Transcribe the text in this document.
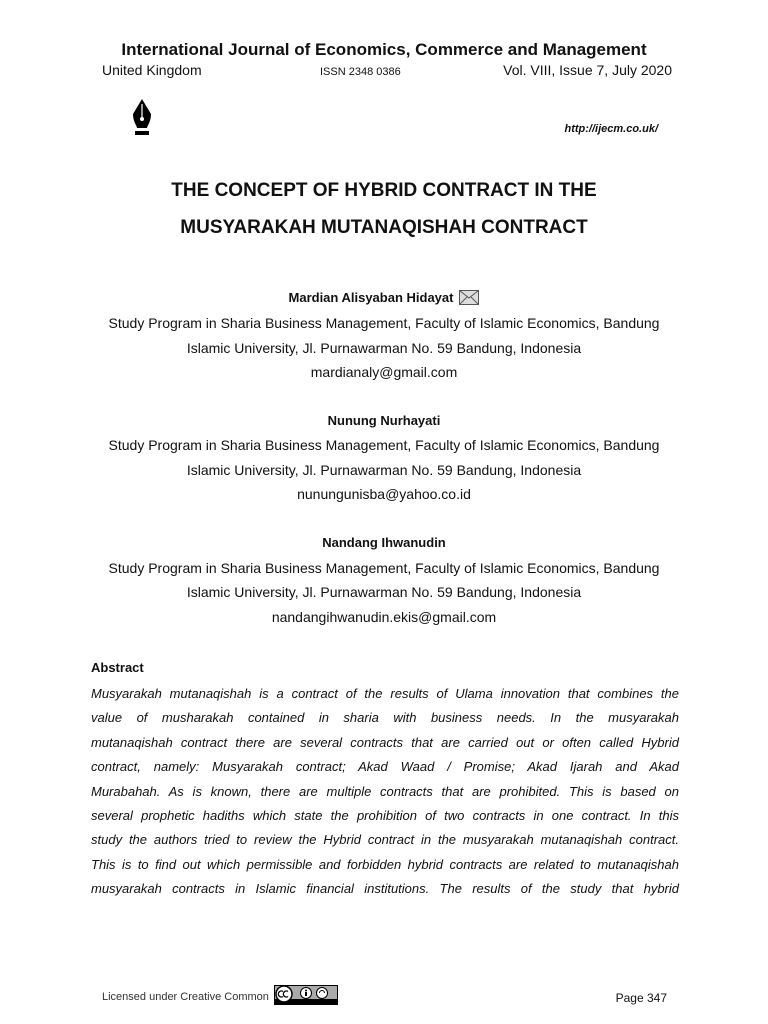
International Journal of Economics, Commerce and Management
United Kingdom	ISSN 2348 0386	Vol. VIII, Issue 7, July 2020
http://ijecm.co.uk/
THE CONCEPT OF HYBRID CONTRACT IN THE
MUSYARAKAH MUTANAQISHAH CONTRACT
Mardian Alisyaban Hidayat
Study Program in Sharia Business Management, Faculty of Islamic Economics, Bandung
Islamic University, Jl. Purnawarman No. 59 Bandung, Indonesia
mardianaly@gmail.com
Nunung Nurhayati
Study Program in Sharia Business Management, Faculty of Islamic Economics, Bandung
Islamic University, Jl. Purnawarman No. 59 Bandung, Indonesia
nunungunisba@yahoo.co.id
Nandang Ihwanudin
Study Program in Sharia Business Management, Faculty of Islamic Economics, Bandung
Islamic University, Jl. Purnawarman No. 59 Bandung, Indonesia
nandangihwanudin.ekis@gmail.com
Abstract
Musyarakah mutanaqishah is a contract of the results of Ulama innovation that combines the
value of musharakah contained in sharia with business needs. In the musyarakah
mutanaqishah contract there are several contracts that are carried out or often called Hybrid
contract, namely: Musyarakah contract; Akad Waad / Promise; Akad Ijarah and Akad
Murabahah. As is known, there are multiple contracts that are prohibited. This is based on
several prophetic hadiths which state the prohibition of two contracts in one contract. In this
study the authors tried to review the Hybrid contract in the musyarakah mutanaqishah contract.
This is to find out which permissible and forbidden hybrid contracts are related to mutanaqishah
musyarakah contracts in Islamic financial institutions. The results of the study that hybrid
Licensed under Creative Common	Page 347
